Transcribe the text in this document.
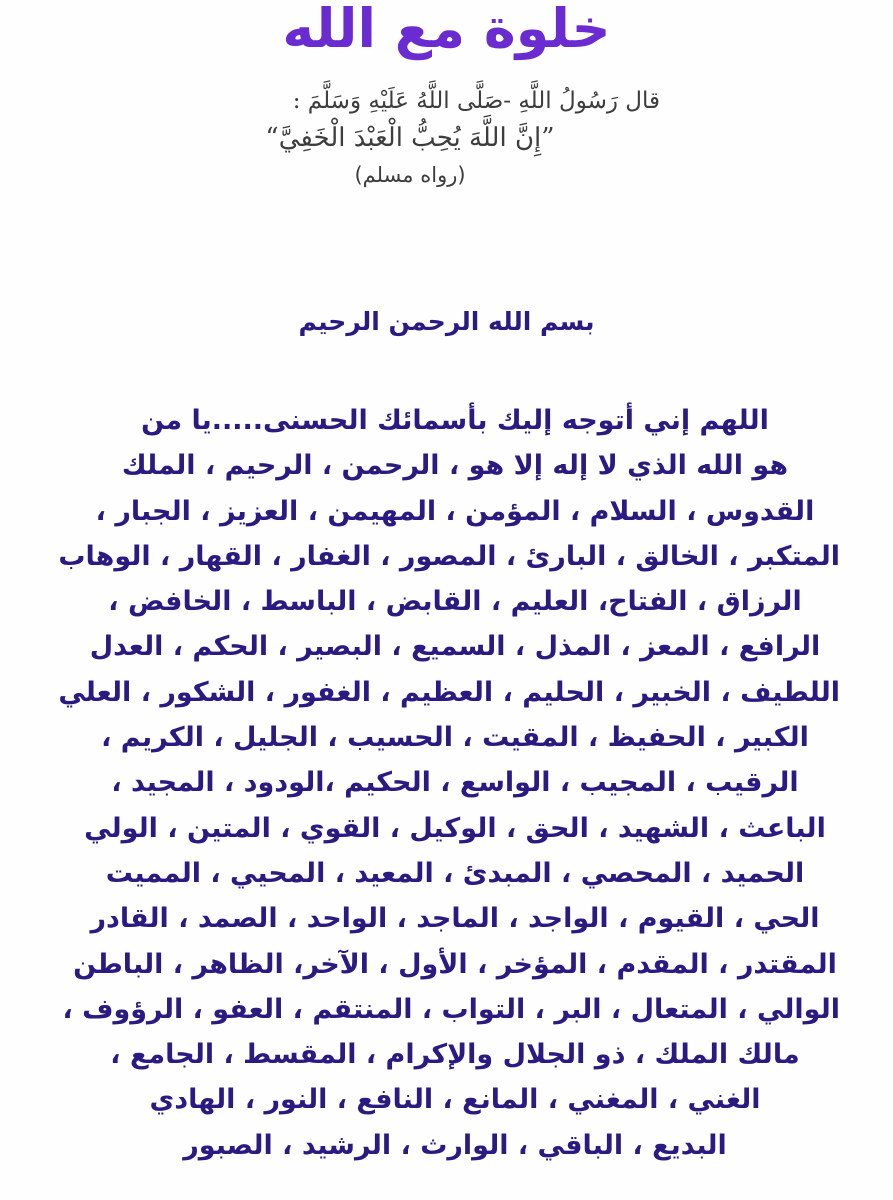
خلوة مع الله
قال رَسُولُ اللَّهِ -صَلَّى اللَّهُ عَلَيْهِ وَسَلَّمَ :
”إِنَّ اللَّهَ يُحِبُّ الْعَبْدَ الْخَفِيَّ“
(رواه مسلم)
بسم الله الرحمن الرحيم
اللهم إني أتوجه إليك بأسمائك الحسنى.....يا من
هو الله الذي لا إله إلا هو ، الرحمن ، الرحيم ، الملك
القدوس ، السلام ، المؤمن ، المهيمن ، العزيز ، الجبار ،
المتكبر ، الخالق ، البارئ ، المصور ، الغفار ، القهار ، الوهاب
الرزاق ، الفتاح، العليم ، القابض ، الباسط ، الخافض ،
الرافع ، المعز ، المذل ، السميع ، البصير ، الحكم ، العدل
اللطيف ، الخبير ، الحليم ، العظيم ، الغفور ، الشكور ، العلي
الكبير ، الحفيظ ، المقيت ، الحسيب ، الجليل ، الكريم ،
الرقيب ، المجيب ، الواسع ، الحكيم ،الودود ، المجيد ،
الباعث ، الشهيد ، الحق ، الوكيل ، القوي ، المتين ، الولي
الحميد ، المحصي ، المبدئ ، المعيد ، المحيي ، المميت
الحي ، القيوم ، الواجد ، الماجد ، الواحد ، الصمد ، القادر
المقتدر ، المقدم ، المؤخر ، الأول ، الآخر، الظاهر ، الباطن
الوالي ، المتعال ، البر ، التواب ، المنتقم ، العفو ، الرؤوف ،
مالك الملك ، ذو الجلال والإكرام ، المقسط ، الجامع ،
الغني ، المغني ، المانع ، النافع ، النور ، الهادي
البديع ، الباقي ، الوارث ، الرشيد ، الصبور
